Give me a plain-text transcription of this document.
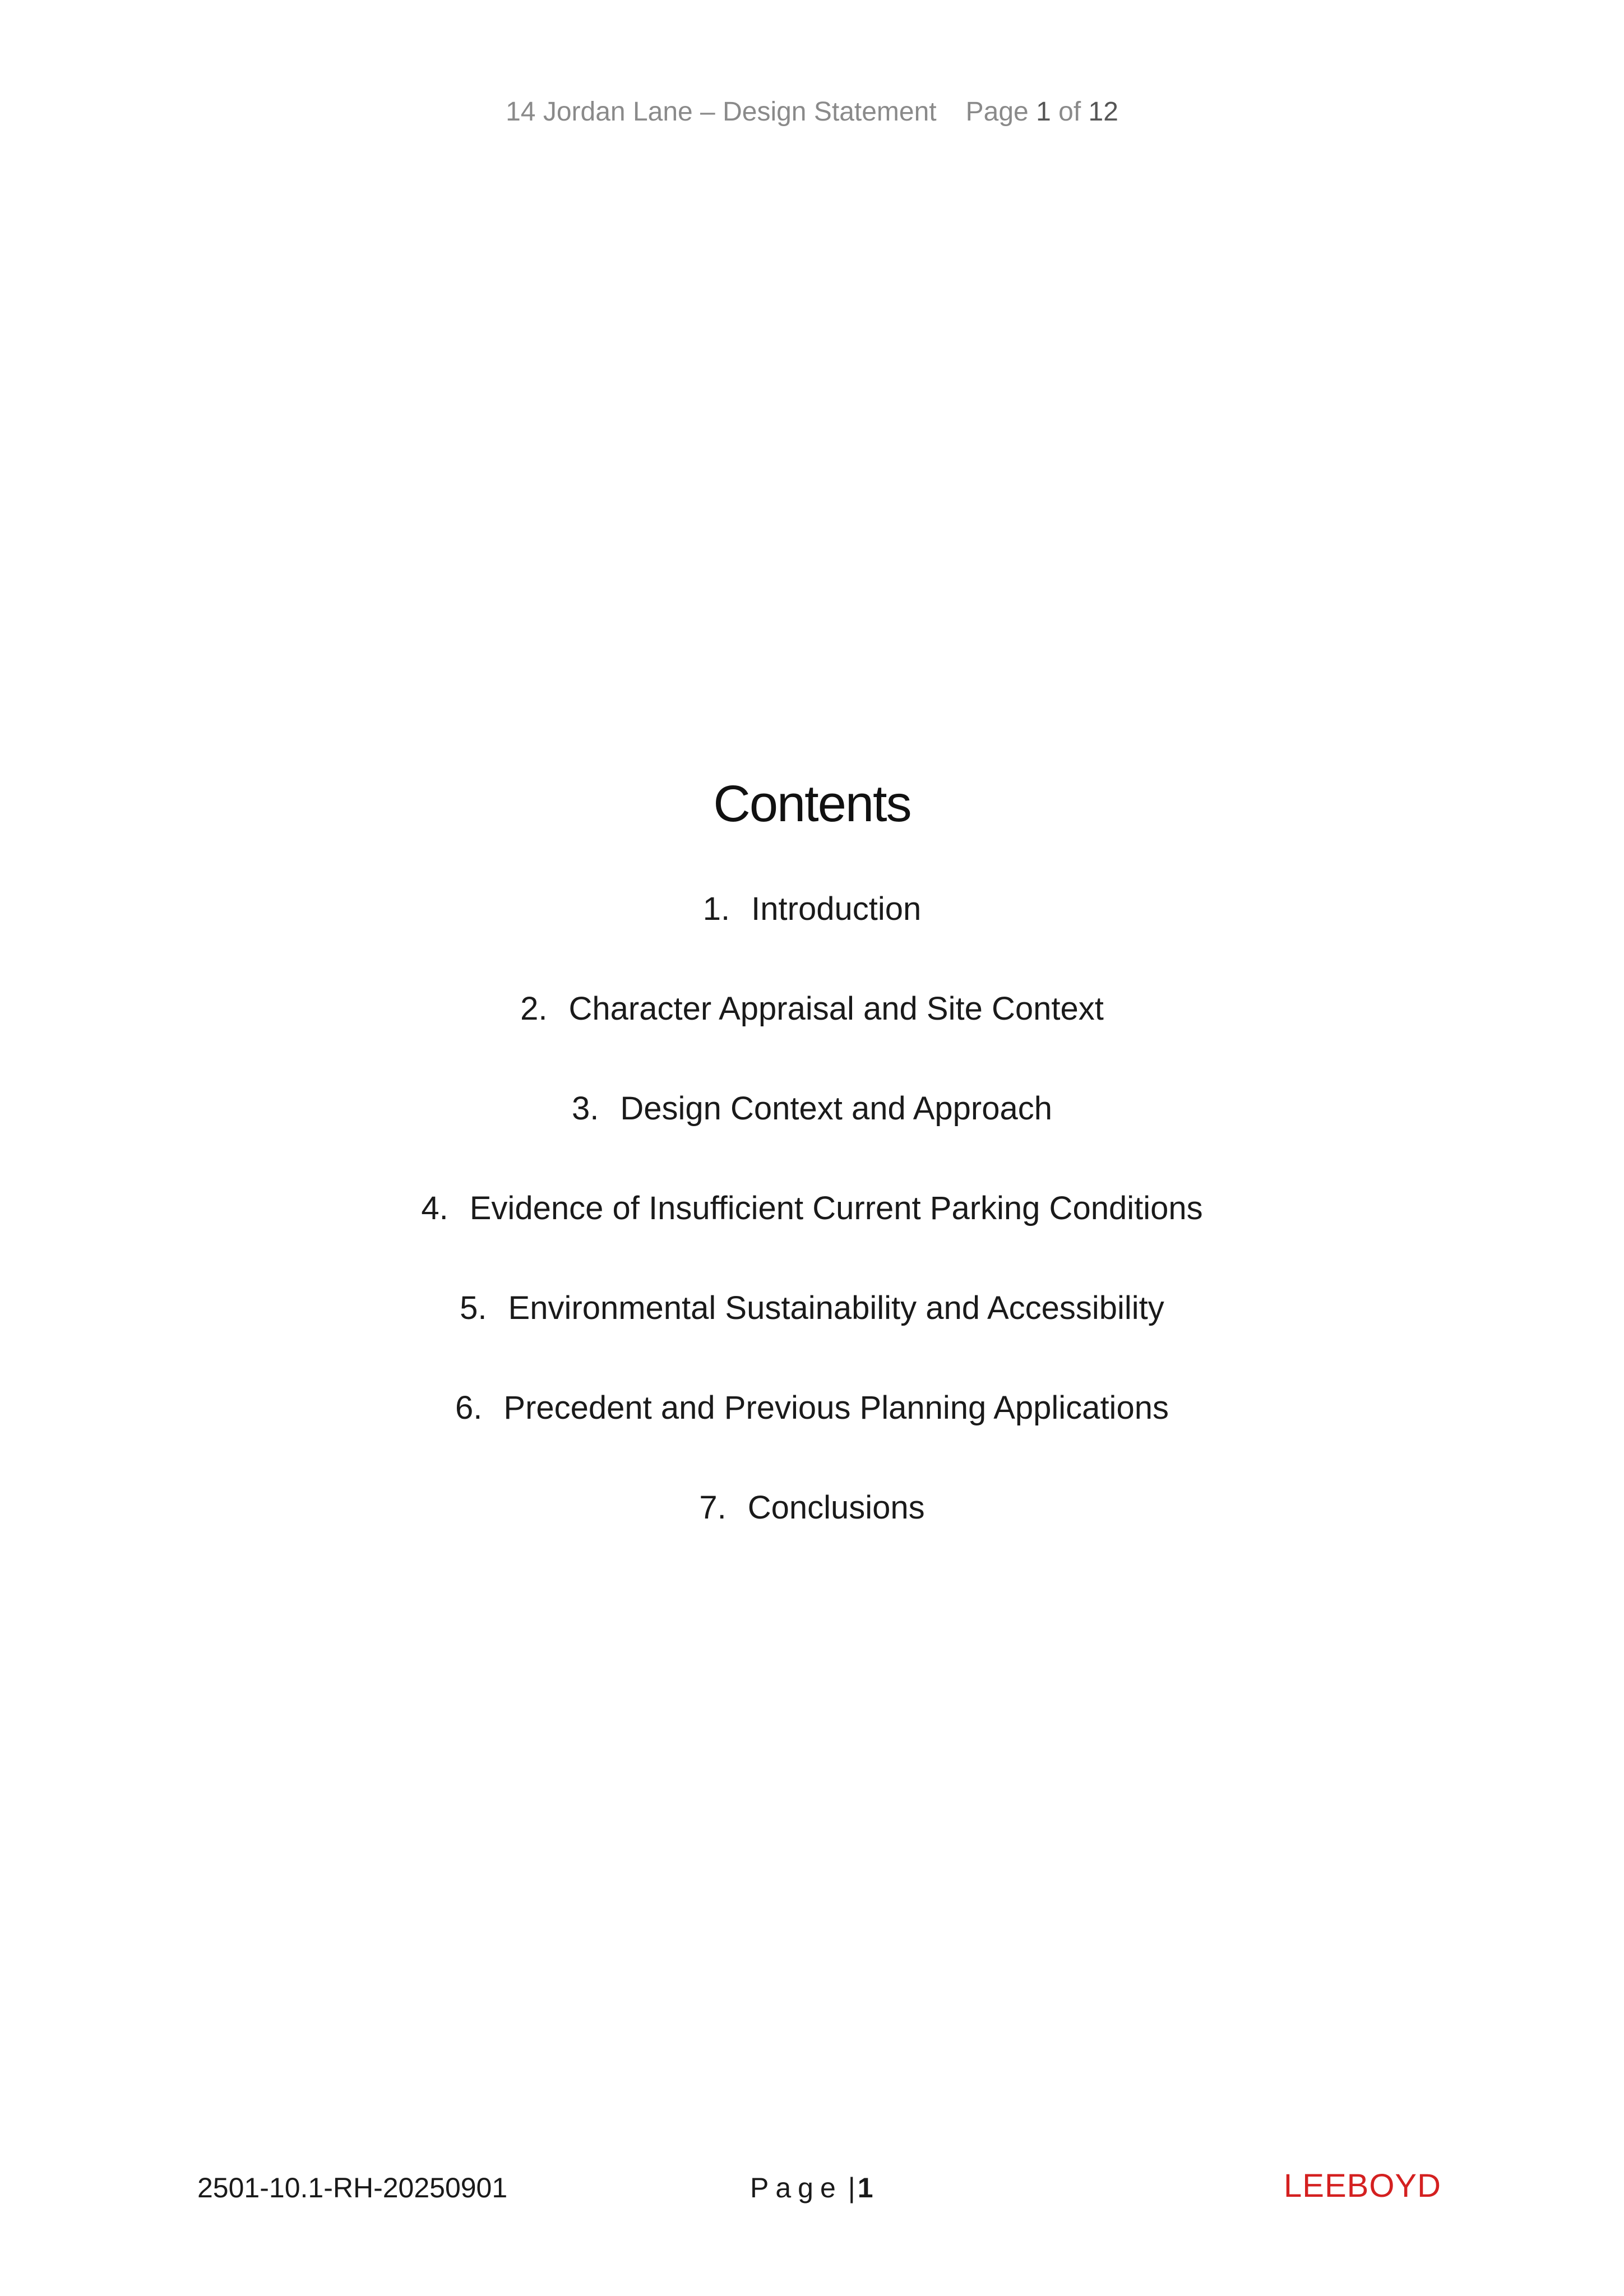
14 Jordan Lane – Design Statement Page 1 of 12
Contents
1. Introduction
2. Character Appraisal and Site Context
3. Design Context and Approach
4. Evidence of Insufficient Current Parking Conditions
5. Environmental Sustainability and Accessibility
6. Precedent and Previous Planning Applications
7. Conclusions
2501-10.1-RH-20250901	Page |1	LEEBOYD
